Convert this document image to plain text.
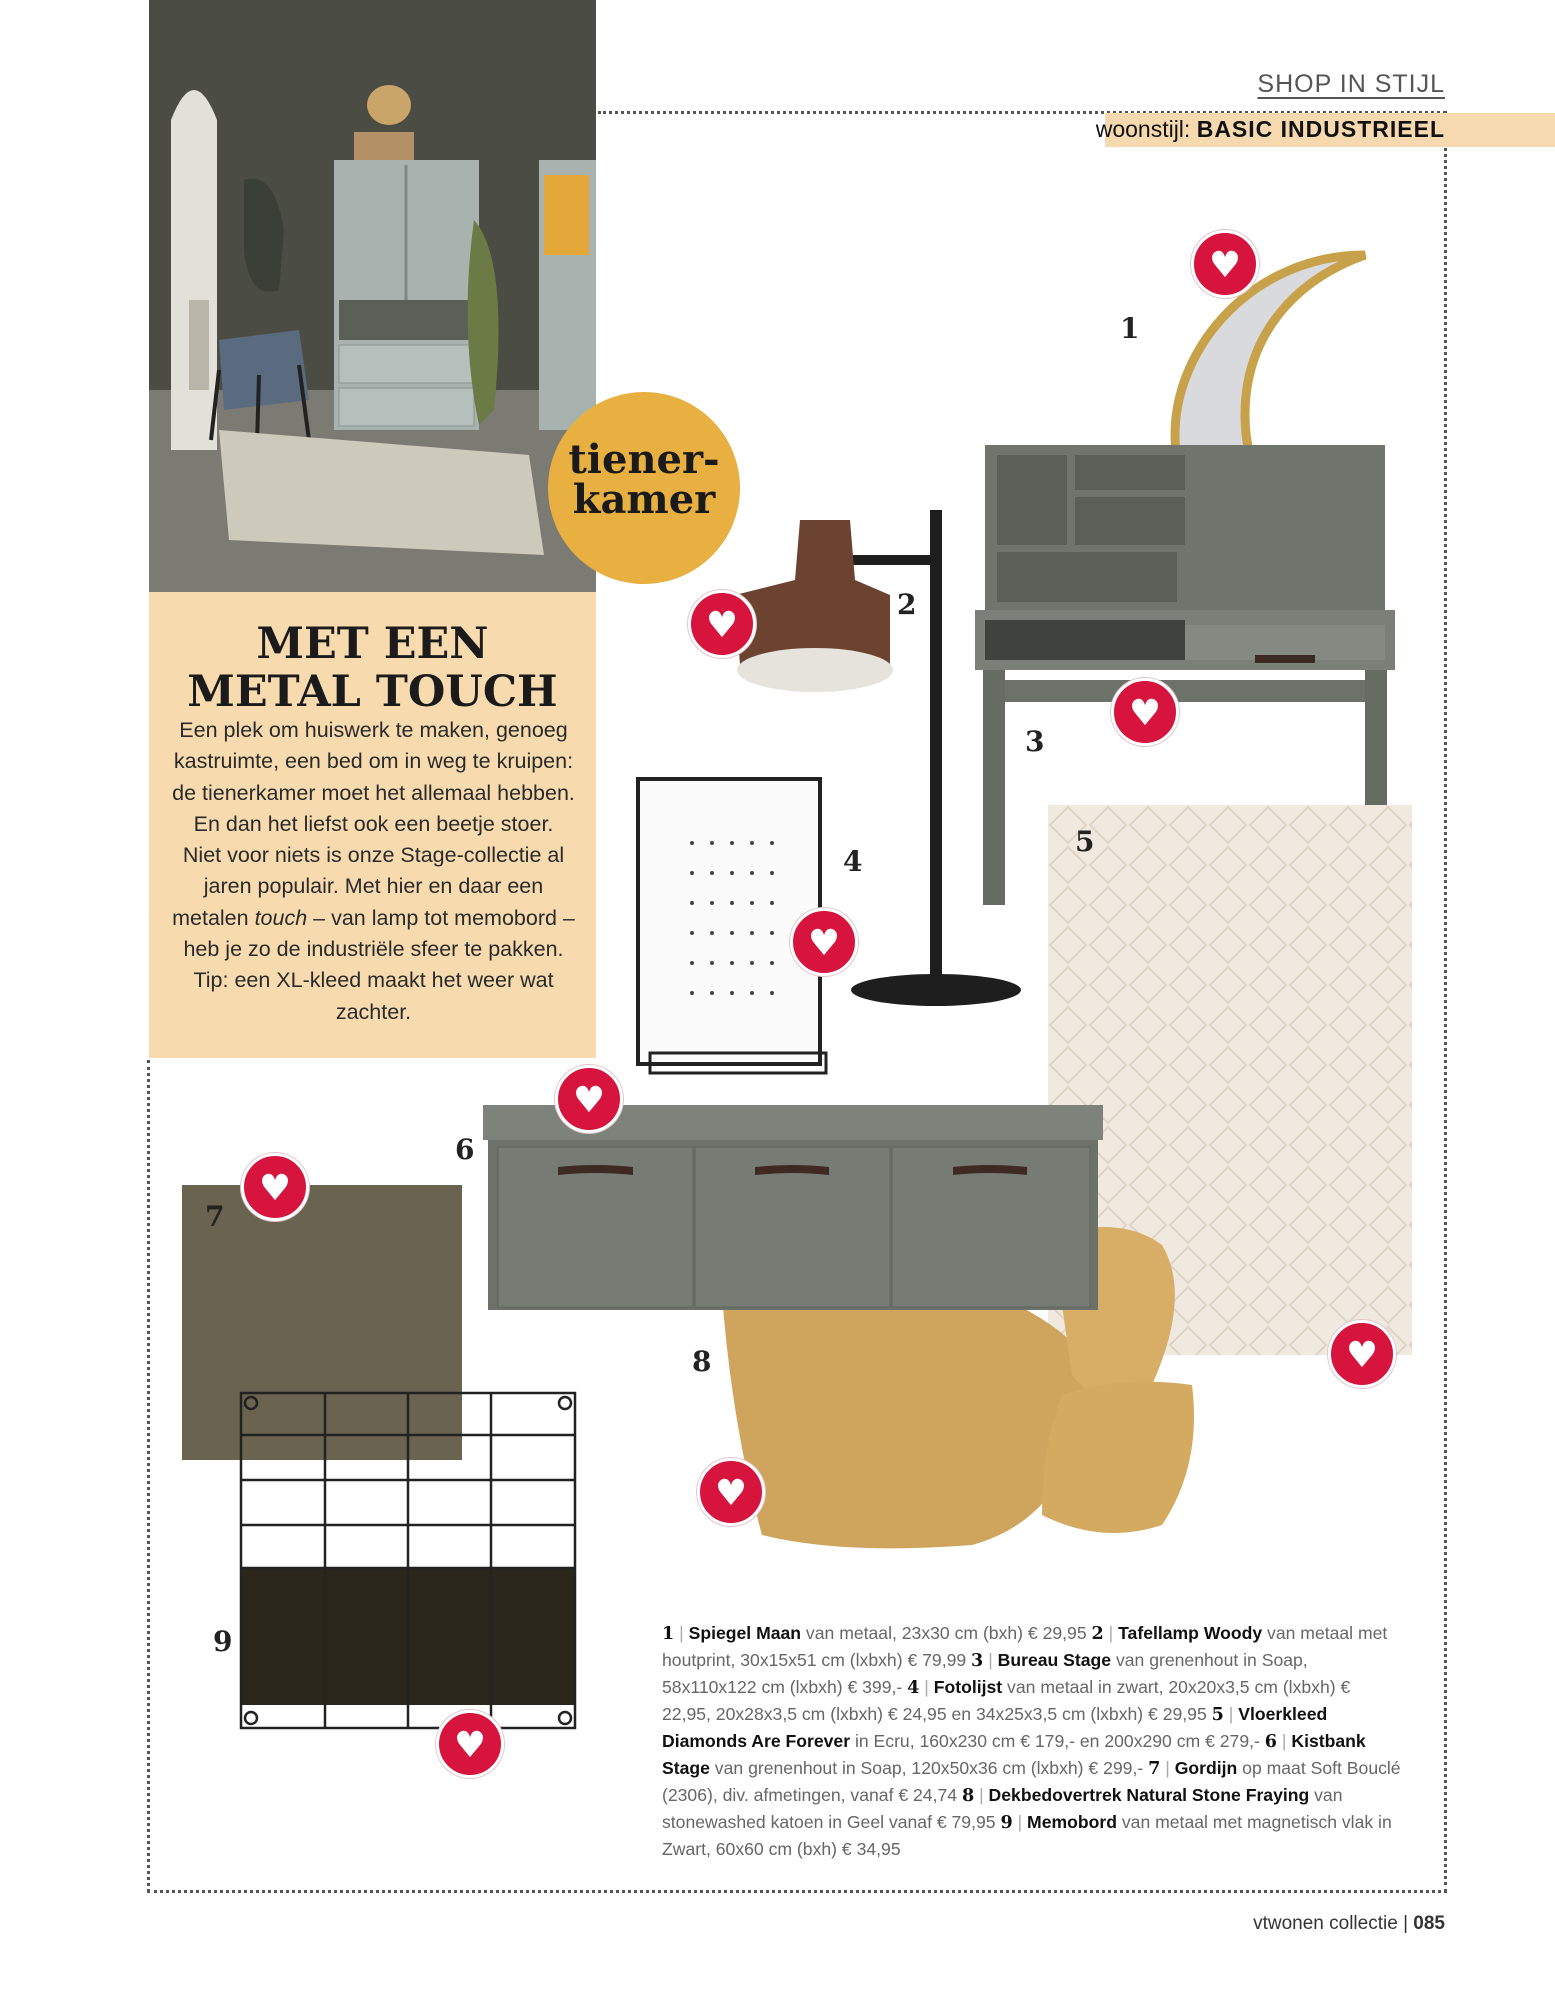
SHOP IN STIJL
woonstijl: BASIC INDUSTRIEEL
MET EEN
METAL TOUCH
Een plek om huiswerk te maken, genoeg kastruimte, een bed om in weg te kruipen: de tienerkamer moet het allemaal hebben. En dan het liefst ook een beetje stoer. Niet voor niets is onze Stage-collectie al jaren populair. Met hier en daar een metalen touch – van lamp tot memobord – heb je zo de industriële sfeer te pakken. Tip: een XL-kleed maakt het weer wat zachter.
tiener-
kamer
1
2
3
4
5
6
7
8
9
♥
♥
♥
♥
♥
♥
♥
♥
♥
1 | Spiegel Maan van metaal, 23x30 cm (bxh) € 29,95 2 | Tafellamp Woody van metaal met houtprint, 30x15x51 cm (lxbxh) € 79,99 3 | Bureau Stage van grenenhout in Soap, 58x110x122 cm (lxbxh) € 399,- 4 | Fotolijst van metaal in zwart, 20x20x3,5 cm (lxbxh) € 22,95, 20x28x3,5 cm (lxbxh) € 24,95 en 34x25x3,5 cm (lxbxh) € 29,95 5 | Vloerkleed Diamonds Are Forever in Ecru, 160x230 cm € 179,- en 200x290 cm € 279,- 6 | Kistbank Stage van grenenhout in Soap, 120x50x36 cm (lxbxh) € 299,- 7 | Gordijn op maat Soft Bouclé (2306), div. afmetingen, vanaf € 24,74 8 | Dekbedovertrek Natural Stone Fraying van stonewashed katoen in Geel vanaf € 79,95 9 | Memobord van metaal met magnetisch vlak in Zwart, 60x60 cm (bxh) € 34,95
vtwonen collectie | 085
